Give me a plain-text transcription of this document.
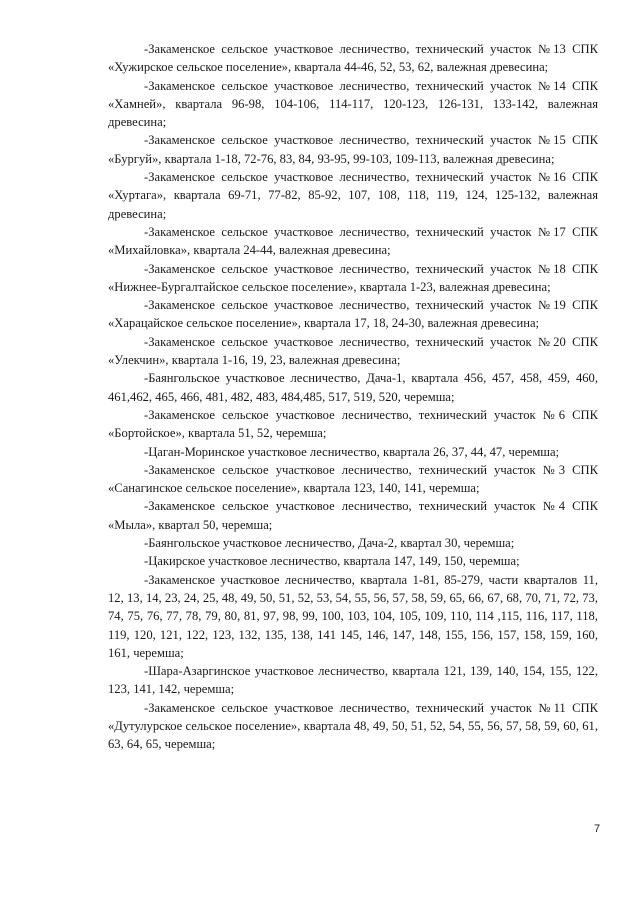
-Закаменское сельское участковое лесничество, технический участок №13 СПК «Хужирское сельское поселение», квартала 44-46, 52, 53, 62, валежная древесина;

-Закаменское сельское участковое лесничество, технический участок №14 СПК «Хамней», квартала 96-98, 104-106, 114-117, 120-123, 126-131, 133-142, валежная древесина;

-Закаменское сельское участковое лесничество, технический участок №15 СПК «Бургуй», квартала 1-18, 72-76, 83, 84, 93-95, 99-103, 109-113, валежная древесина;

-Закаменское сельское участковое лесничество, технический участок №16 СПК «Хуртага», квартала 69-71, 77-82, 85-92, 107, 108, 118, 119, 124, 125-132, валежная древесина;

-Закаменское сельское участковое лесничество, технический участок №17 СПК «Михайловка», квартала 24-44, валежная древесина;

-Закаменское сельское участковое лесничество, технический участок №18 СПК «Нижнее-Бургалтайское сельское поселение», квартала 1-23, валежная древесина;

-Закаменское сельское участковое лесничество, технический участок №19 СПК «Харацайское сельское поселение», квартала 17, 18, 24-30, валежная древесина;

-Закаменское сельское участковое лесничество, технический участок №20 СПК «Улекчин», квартала 1-16, 19, 23, валежная древесина;

-Баянгольское участковое лесничество, Дача-1, квартала 456, 457, 458, 459, 460, 461,462, 465, 466, 481, 482, 483, 484,485, 517, 519, 520, черемша;

-Закаменское сельское участковое лесничество, технический участок №6 СПК «Бортойское», квартала 51, 52, черемша;

-Цаган-Моринское участковое лесничество, квартала 26, 37, 44, 47, черемша;

-Закаменское сельское участковое лесничество, технический участок №3 СПК «Санагинское сельское поселение», квартала 123, 140, 141, черемша;

-Закаменское сельское участковое лесничество, технический участок №4 СПК «Мыла», квартал 50, черемша;

-Баянгольское участковое лесничество, Дача-2, квартал 30, черемша;

-Цакирское участковое лесничество, квартала 147, 149, 150, черемша;

-Закаменское участковое лесничество, квартала 1-81, 85-279, части кварталов 11, 12, 13, 14, 23, 24, 25, 48, 49, 50, 51, 52, 53, 54, 55, 56, 57, 58, 59, 65, 66, 67, 68, 70, 71, 72, 73, 74, 75, 76, 77, 78, 79, 80, 81, 97, 98, 99, 100, 103, 104, 105, 109, 110, 114 ,115, 116, 117, 118, 119, 120, 121, 122, 123, 132, 135, 138, 141 145, 146, 147, 148, 155, 156, 157, 158, 159, 160, 161, черемша;

-Шара-Азаргинское участковое лесничество, квартала 121, 139, 140, 154, 155, 122, 123, 141, 142, черемша;

-Закаменское сельское участковое лесничество, технический участок №11 СПК «Дутулурское сельское поселение», квартала 48, 49, 50, 51, 52, 54, 55, 56, 57, 58, 59, 60, 61, 63, 64, 65, черемша;

7
